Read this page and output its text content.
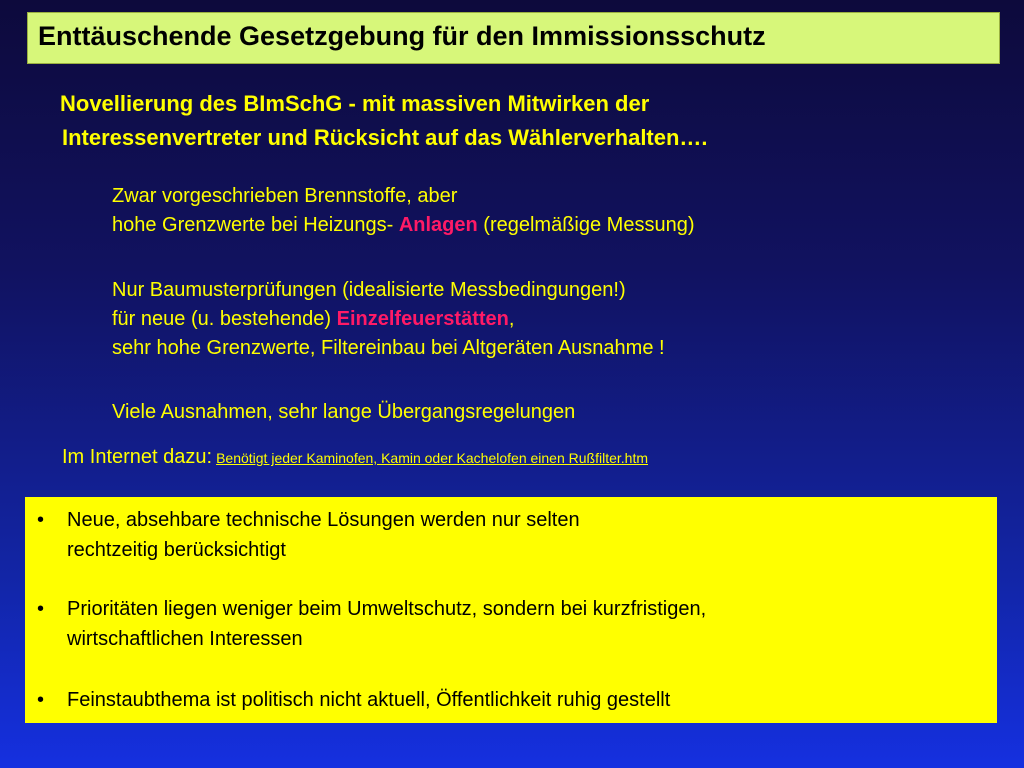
Enttäuschende Gesetzgebung für den Immissionsschutz
Novellierung des BImSchG - mit massiven Mitwirken der
Interessenvertreter und Rücksicht auf das Wählerverhalten….
Zwar vorgeschrieben Brennstoffe, aber
hohe Grenzwerte bei Heizungs- Anlagen (regelmäßige Messung)
Nur Baumusterprüfungen (idealisierte Messbedingungen!)
für neue (u. bestehende) Einzelfeuerstätten,
sehr hohe Grenzwerte, Filtereinbau bei Altgeräten Ausnahme !
Viele Ausnahmen, sehr lange Übergangsregelungen
Im Internet dazu: Benötigt jeder Kaminofen, Kamin oder Kachelofen einen Rußfilter.htm
• Neue, absehbare technische Lösungen werden nur selten
rechtzeitig berücksichtigt
• Prioritäten liegen weniger beim Umweltschutz, sondern bei kurzfristigen,
wirtschaftlichen Interessen
• Feinstaubthema ist politisch nicht aktuell, Öffentlichkeit ruhig gestellt
